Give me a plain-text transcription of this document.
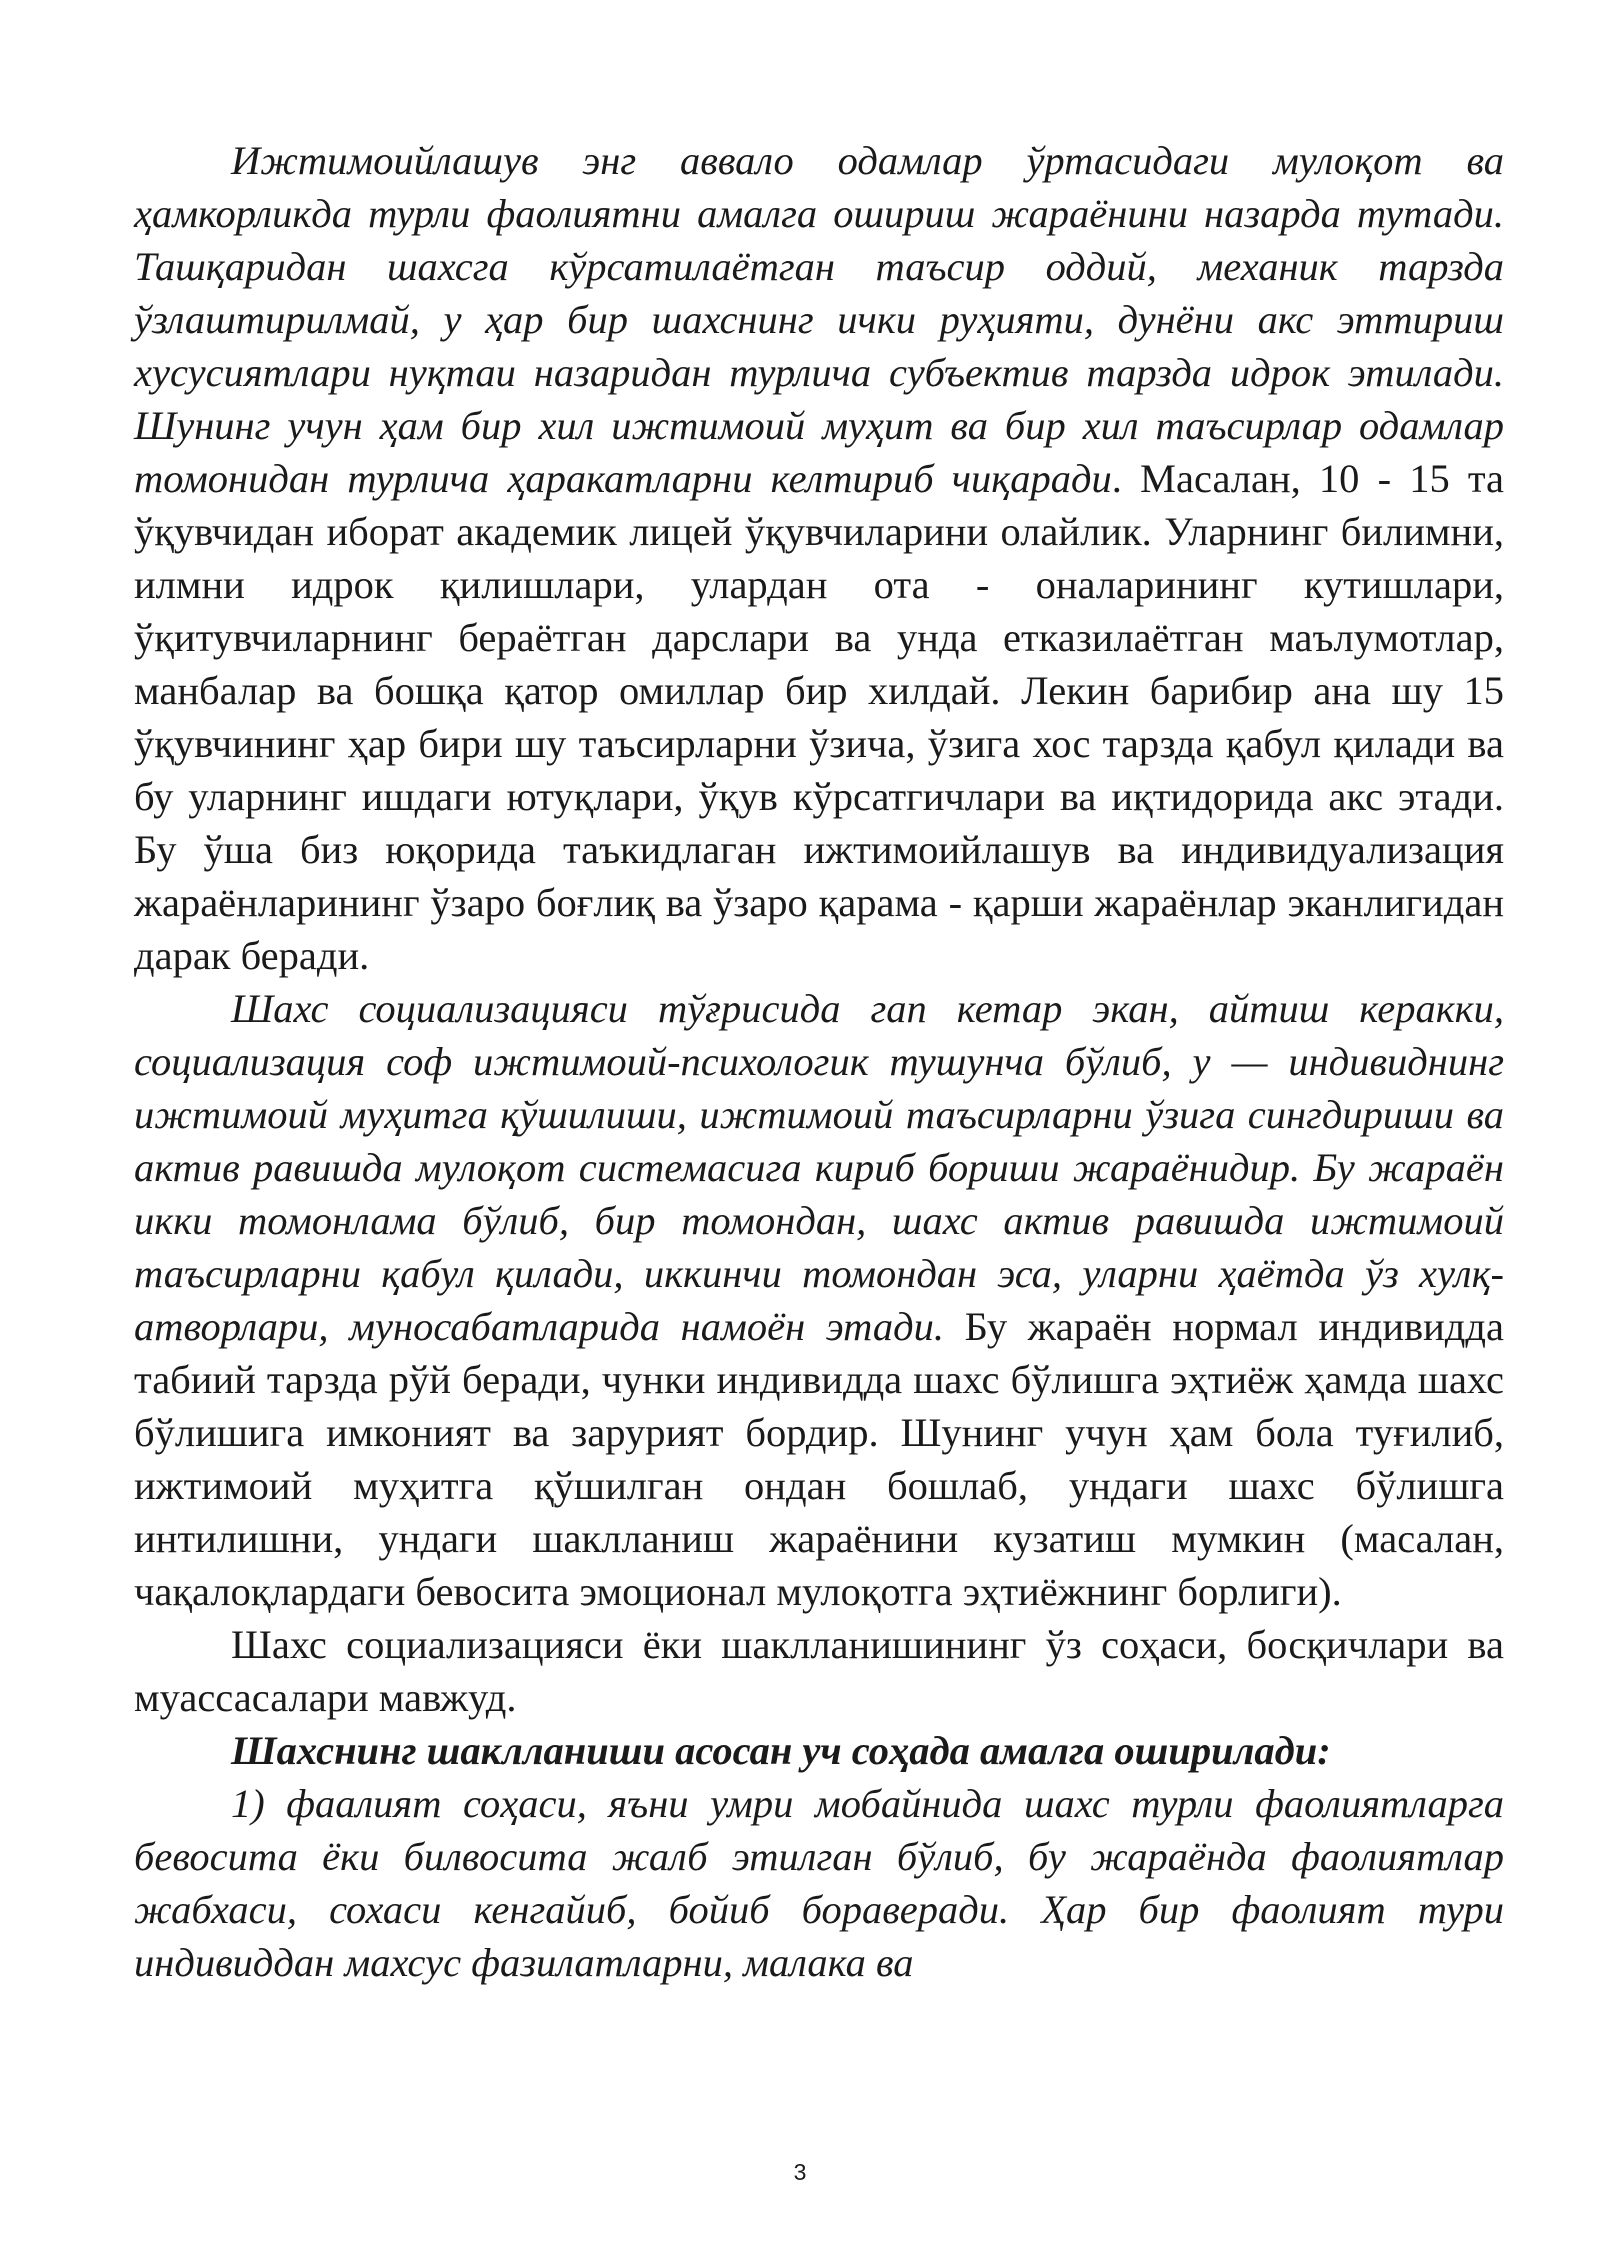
Ижтимоийлашув энг аввало одамлар ўртасидаги мулоқот ва ҳамкорликда турли фаолиятни амалга ошириш жараёнини назарда тутади. Ташқаридан шахсга кўрсатилаётган таъсир оддий, механик тарзда ўзлаштирилмай, у ҳар бир шахснинг ички руҳияти, дунёни акс эттириш хусусиятлари нуқтаи назаридан турлича субъектив тарзда идрок этилади. Шунинг учун ҳам бир хил ижтимоий муҳит ва бир хил таъсирлар одамлар томонидан турлича ҳаракатларни келтириб чиқаради. Масалан, 10 - 15 та ўқувчидан иборат академик лицей ўқувчиларини олайлик. Уларнинг билимни, илмни идрок қилишлари, улардан ота - оналарининг кутишлари, ўқитувчиларнинг бераётган дарслари ва унда етказилаётган маълумотлар, манбалар ва бошқа қатор омиллар бир хилдай. Лекин барибир ана шу 15 ўқувчининг ҳар бири шу таъсирларни ўзича, ўзига хос тарзда қабул қилади ва бу уларнинг ишдаги ютуқлари, ўқув кўрсатгичлари ва иқтидорида акс этади. Бу ўша биз юқорида таъкидлаган ижтимоийлашув ва индивидуализация жараёнларининг ўзаро боғлиқ ва ўзаро қарама - қарши жараёнлар эканлигидан дарак беради.

Шахс социализацияси тўғрисида гап кетар экан, айтиш керакки, социализация соф ижтимоий-психологик тушунча бўлиб, у — индивиднинг ижтимоий муҳитга қўшилиши, ижтимоий таъсирларни ўзига сингдириши ва актив равишда мулоқот системасига кириб бориши жараёнидир. Бу жараён икки томонлама бўлиб, бир томондан, шахс актив равишда ижтимоий таъсирларни қабул қилади, иккинчи томондан эса, уларни ҳаётда ўз хулқ-атворлари, муносабатларида намоён этади. Бу жараён нормал индивидда табиий тарзда рўй беради, чунки индивидда шахс бўлишга эҳтиёж ҳамда шахс бўлишига имконият ва зарурият бордир. Шунинг учун ҳам бола туғилиб, ижтимоий муҳитга қўшилган ондан бошлаб, ундаги шахс бўлишга интилишни, ундаги шаклланиш жараёнини кузатиш мумкин (масалан, чақалоқлардаги бевосита эмоционал мулоқотга эҳтиёжнинг борлиги).

Шахс социализацияси ёки шаклланишининг ўз соҳаси, босқичлари ва муассасалари мавжуд.

Шахснинг шаклланиши асосан уч соҳада амалга оширилади:

1) фаалият соҳаси, яъни умри мобайнида шахс турли фаолиятларга бевосита ёки билвосита жалб этилган бўлиб, бу жараёнда фаолиятлар жабхаси, сохаси кенгайиб, бойиб бораверади. Ҳар бир фаолият тури индивиддан махсус фазилатларни, малака ва

3
